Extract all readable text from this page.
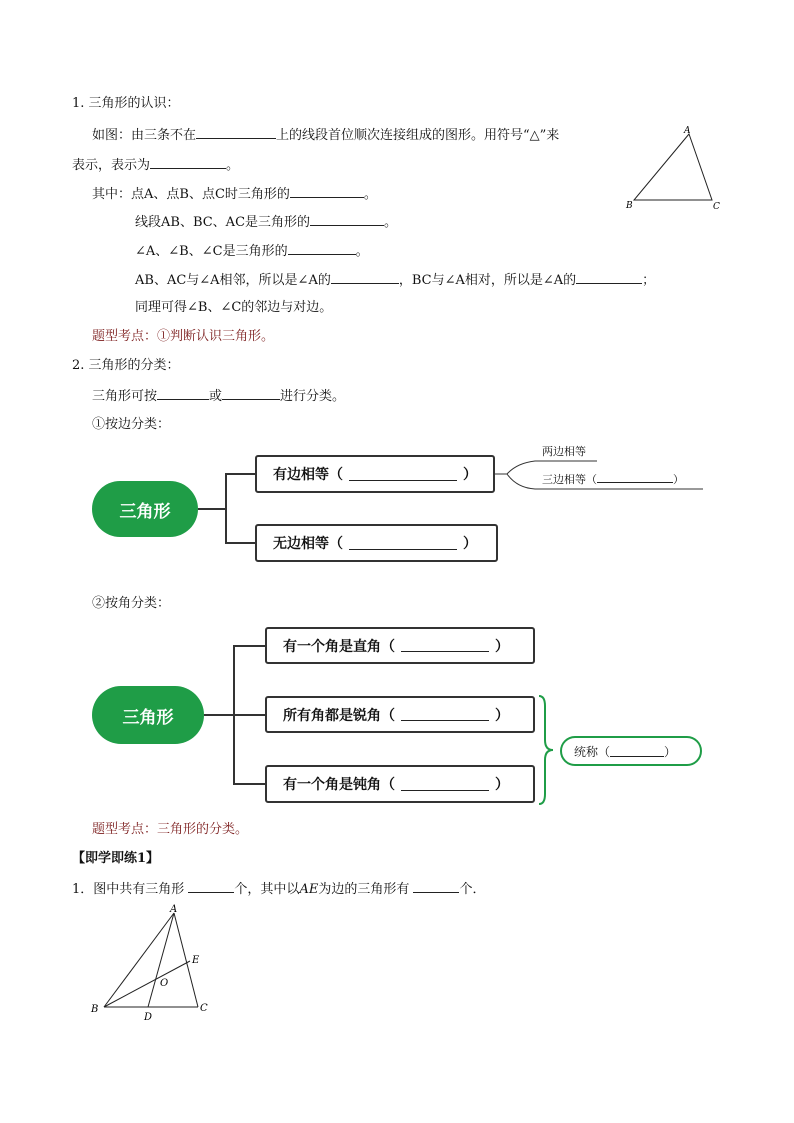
1. 三角形的认识：
如图：由三条不在	上的线段首位顺次连接组成的图形。用符号“△”来
表示，表示为	。
其中：点A、点B、点C时三角形的	。
线段AB、BC、AC是三角形的	。
∠A、∠B、∠C是三角形的	。
AB、AC与∠A相邻，所以是∠A的	，BC与∠A相对，所以是∠A的	；
同理可得∠B、∠C的邻边与对边。
题型考点：①判断认识三角形。
A
B	C
2. 三角形的分类：
三角形可按	或	进行分类。
①按边分类：
三角形
有边相等（	）
无边相等（	）
两边相等
三边相等（	）
②按角分类：
三角形
有一个角是直角（	）
所有角都是锐角（	）
有一个角是钝角（	）
统称（	）
题型考点：三角形的分类。
【即学即练1】
1．图中共有三角形	个，其中以AE为边的三角形有	个．
A
B	C
D
E
O
